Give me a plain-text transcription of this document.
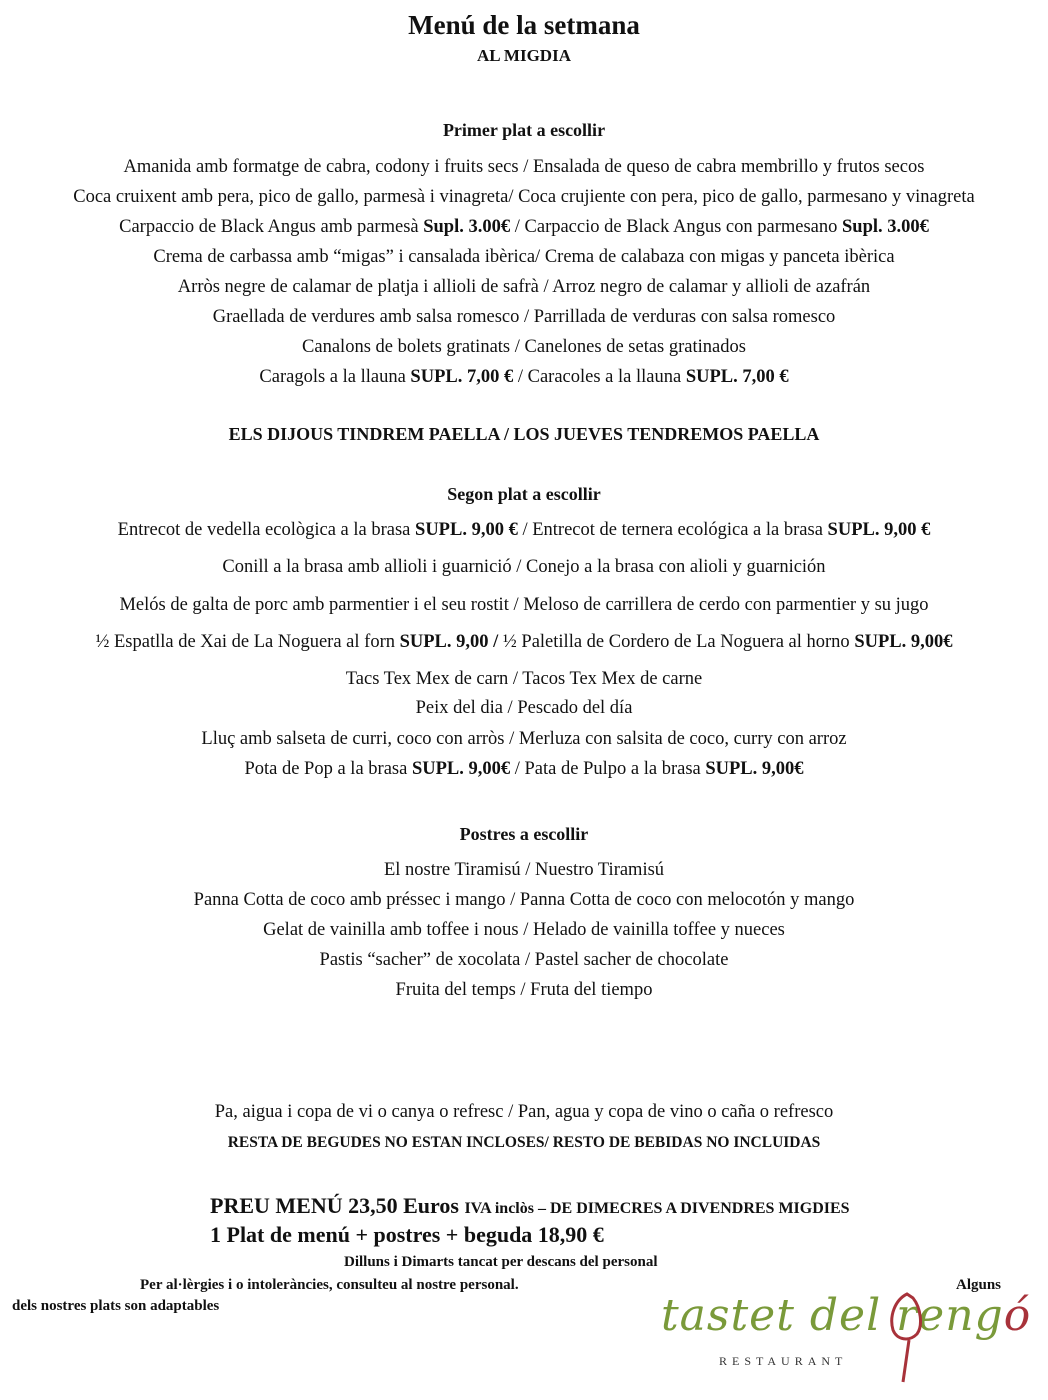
Menú de la setmana
AL MIGDIA
Primer plat a escollir
Amanida amb formatge de cabra, codony i fruits secs / Ensalada de queso de cabra membrillo y frutos secos
Coca cruixent amb pera, pico de gallo, parmesà i vinagreta/ Coca crujiente con pera, pico de gallo, parmesano y vinagreta
Carpaccio de Black Angus amb parmesà Supl. 3.00€ / Carpaccio de Black Angus con parmesano Supl. 3.00€
Crema de carbassa amb “migas” i cansalada ibèrica/ Crema de calabaza con migas y panceta ibèrica
Arròs negre de calamar de platja i allioli de safrà / Arroz negro de calamar y allioli de azafrán
Graellada de verdures amb salsa romesco / Parrillada de verduras con salsa romesco
Canalons de bolets gratinats / Canelones de setas gratinados
Caragols a la llauna SUPL. 7,00 € / Caracoles a la llauna SUPL. 7,00 €
ELS DIJOUS TINDREM PAELLA / LOS JUEVES TENDREMOS PAELLA
Segon plat a escollir
Entrecot de vedella ecològica a la brasa SUPL. 9,00 € / Entrecot de ternera ecológica a la brasa SUPL. 9,00 €
Conill a la brasa amb allioli i guarnició / Conejo a la brasa con alioli y guarnición
Melós de galta de porc amb parmentier i el seu rostit / Meloso de carrillera de cerdo con parmentier y su jugo
½ Espatlla de Xai de La Noguera al forn SUPL. 9,00 / ½ Paletilla de Cordero de La Noguera al horno SUPL. 9,00€
Tacs Tex Mex de carn / Tacos Tex Mex de carne
Peix del dia / Pescado del día
Lluç amb salseta de curri, coco con arròs / Merluza con salsita de coco, curry con arroz
Pota de Pop a la brasa SUPL. 9,00€ / Pata de Pulpo a la brasa SUPL. 9,00€
Postres a escollir
El nostre Tiramisú / Nuestro Tiramisú
Panna Cotta de coco amb préssec i mango / Panna Cotta de coco con melocotón y mango
Gelat de vainilla amb toffee i nous / Helado de vainilla toffee y nueces
Pastis “sacher” de xocolata / Pastel sacher de chocolate
Fruita del temps / Fruta del tiempo
Pa, aigua i copa de vi o canya o refresc / Pan, agua y copa de vino o caña o refresco
RESTA DE BEGUDES NO ESTAN INCLOSES/ RESTO DE BEBIDAS NO INCLUIDAS
PREU MENÚ 23,50 Euros IVA inclòs – DE DIMECRES A DIVENDRES MIGDIES
1 Plat de menú + postres + beguda 18,90 €
Dilluns i Dimarts tancat per descans del personal
Per al·lèrgies i o intoleràncies, consulteu al nostre personal.	Alguns
dels nostres plats son adaptables	tastet del rengó
RESTAURANT
